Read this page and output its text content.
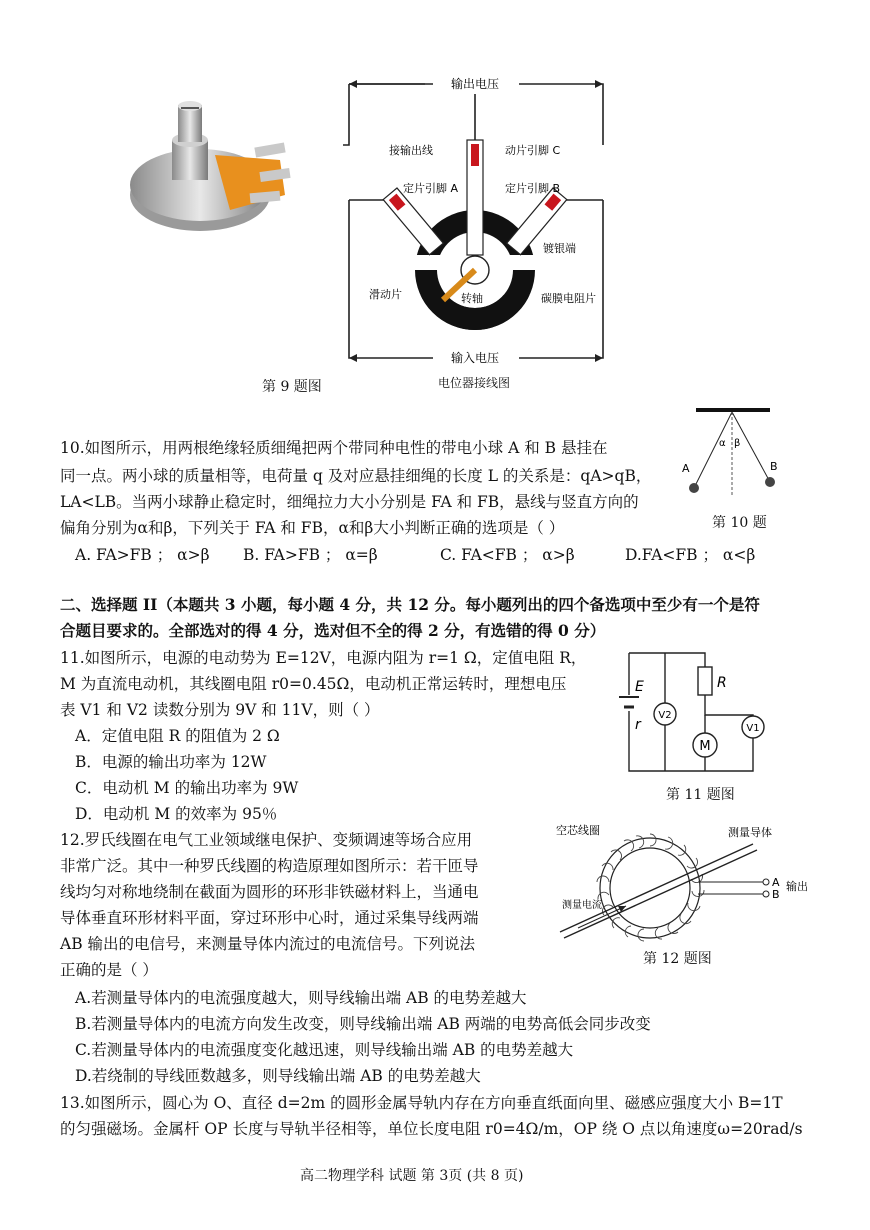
输出电压
输入电压
接输出线	动片引脚 C
定片引脚 A	定片引脚 B
镀银端
滑动片	转轴	碳膜电阻片
第 9 题图	电位器接线图
10.如图所示，用两根绝缘轻质细绳把两个带同种电性的带电小球 A 和 B 悬挂在
同一点。两小球的质量相等，电荷量 q 及对应悬挂细绳的长度 L 的关系是：qA>qB，
LA<LB。当两小球静止稳定时，细绳拉力大小分别是 FA 和 FB，悬线与竖直方向的
偏角分别为α和β，下列关于 FA 和 FB，α和β大小判断正确的选项是（ ）
A. FA>FB ； α>β B. FA>FB ； α=β	C. FA<FB ； α>β	D.FA<FB ； α<β
α β
A	B
第 10 题
二、选择题 II（本题共 3 小题，每小题 4 分，共 12 分。每小题列出的四个备选项中至少有一个是符
合题目要求的。全部选对的得 4 分，选对但不全的得 2 分，有选错的得 0 分）
11.如图所示，电源的电动势为 E=12V，电源内阻为 r=1 Ω，定值电阻 R，
M 为直流电动机，其线圈电阻 r0=0.45Ω，电动机正常运转时，理想电压
表 V1 和 V2 读数分别为 9V 和 11V，则（ ）
A．定值电阻 R 的阻值为 2 Ω
B．电源的输出功率为 12W
C．电动机 M 的输出功率为 9W
D．电动机 M 的效率为 95％
E
r
R
V2
M
V1
第 11 题图
12.罗氏线圈在电气工业领域继电保护、变频调速等场合应用
非常广泛。其中一种罗氏线圈的构造原理如图所示：若干匝导
线均匀对称地绕制在截面为圆形的环形非铁磁材料上，当通电
导体垂直环形材料平面，穿过环形中心时，通过采集导线两端
AB 输出的电信号，来测量导体内流过的电流信号。下列说法
正确的是（ ）
A.若测量导体内的电流强度越大，则导线输出端 AB 的电势差越大
B.若测量导体内的电流方向发生改变，则导线输出端 AB 两端的电势高低会同步改变
C.若测量导体内的电流强度变化越迅速，则导线输出端 AB 的电势差越大
D.若绕制的导线匝数越多，则导线输出端 AB 的电势差越大
空芯线圈	测量导体
测量电流
A
B
输出
第 12 题图
13.如图所示，圆心为 O、直径 d=2m 的圆形金属导轨内存在方向垂直纸面向里、磁感应强度大小 B=1T
的匀强磁场。金属杆 OP 长度与导轨半径相等，单位长度电阻 r0=4Ω/m，OP 绕 O 点以角速度ω=20rad/s
高二物理学科 试题 第 3页 (共 8 页)
